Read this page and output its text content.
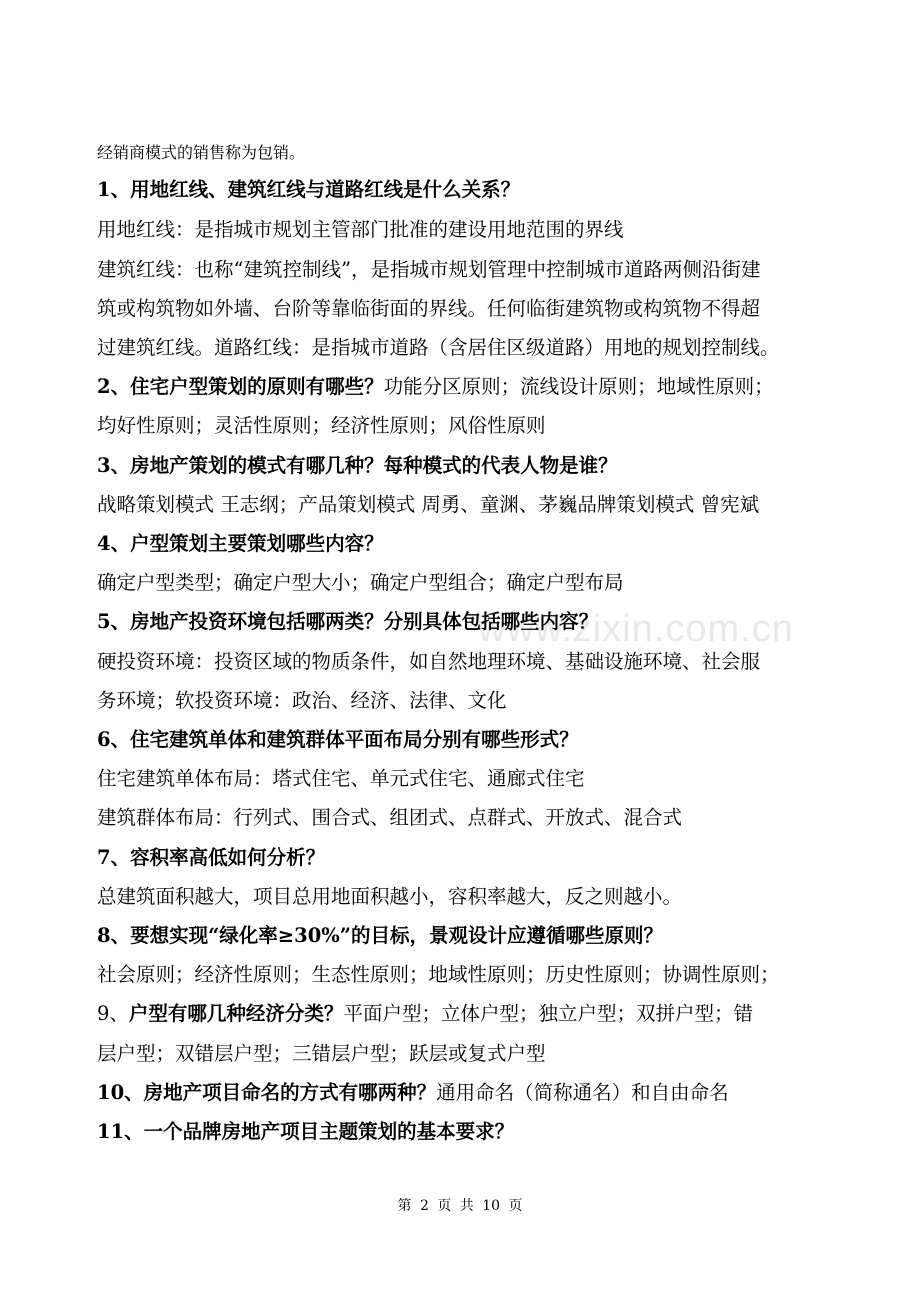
www.zixin.com.cn
经销商模式的销售称为包销。
1、用地红线、建筑红线与道路红线是什么关系？
用地红线：是指城市规划主管部门批准的建设用地范围的界线
建筑红线：也称“建筑控制线”，是指城市规划管理中控制城市道路两侧沿街建
筑或构筑物如外墙、台阶等靠临街面的界线。任何临街建筑物或构筑物不得超
过建筑红线。道路红线：是指城市道路（含居住区级道路）用地的规划控制线。
2、住宅户型策划的原则有哪些？功能分区原则；流线设计原则；地域性原则；
均好性原则；灵活性原则；经济性原则；风俗性原则
3、房地产策划的模式有哪几种？每种模式的代表人物是谁？
战略策划模式 王志纲；产品策划模式 周勇、童渊、茅巍品牌策划模式 曾宪斌
4、户型策划主要策划哪些内容？
确定户型类型；确定户型大小；确定户型组合；确定户型布局
5、房地产投资环境包括哪两类？分别具体包括哪些内容？
硬投资环境：投资区域的物质条件，如自然地理环境、基础设施环境、社会服
务环境；软投资环境：政治、经济、法律、文化
6、住宅建筑单体和建筑群体平面布局分别有哪些形式？
住宅建筑单体布局：塔式住宅、单元式住宅、通廊式住宅
建筑群体布局：行列式、围合式、组团式、点群式、开放式、混合式
7、容积率高低如何分析？
总建筑面积越大，项目总用地面积越小，容积率越大，反之则越小。
8、要想实现“绿化率≥30%”的目标，景观设计应遵循哪些原则？
社会原则；经济性原则；生态性原则；地域性原则；历史性原则；协调性原则；
9、户型有哪几种经济分类？平面户型；立体户型；独立户型；双拼户型；错
层户型；双错层户型；三错层户型；跃层或复式户型
10、房地产项目命名的方式有哪两种？通用命名（简称通名）和自由命名
11、一个品牌房地产项目主题策划的基本要求？
第 2 页 共 10 页
